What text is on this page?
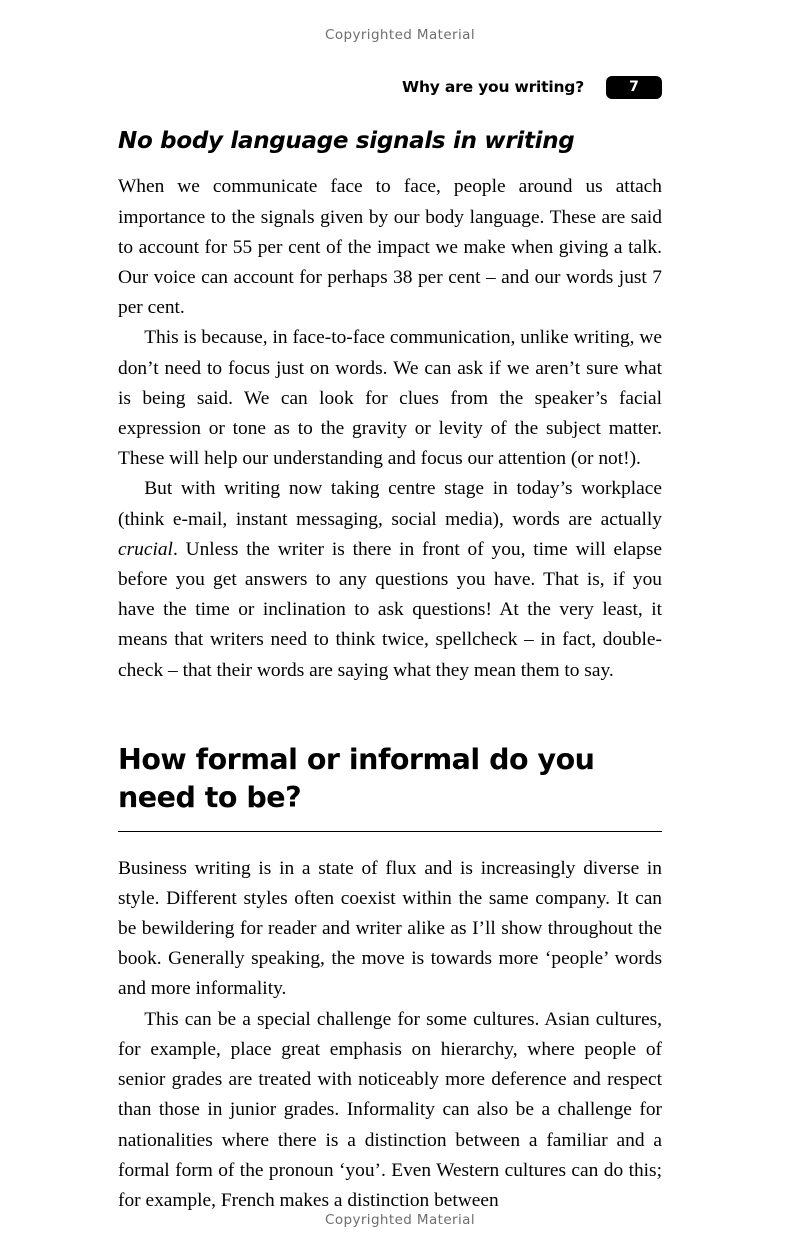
Copyrighted Material
Why are you writing?	7
No body language signals in writing

When we communicate face to face, people around us attach importance to the signals given by our body language. These are said to account for 55 per cent of the impact we make when giving a talk. Our voice can account for perhaps 38 per cent – and our words just 7 per cent.

This is because, in face-to-face communication, unlike writing, we don’t need to focus just on words. We can ask if we aren’t sure what is being said. We can look for clues from the speaker’s facial expression or tone as to the gravity or levity of the subject matter. These will help our understanding and focus our attention (or not!).

But with writing now taking centre stage in today’s workplace (think e-mail, instant messaging, social media), words are actually crucial. Unless the writer is there in front of you, time will elapse before you get answers to any questions you have. That is, if you have the time or inclination to ask questions! At the very least, it means that writers need to think twice, spellcheck – in fact, double-check – that their words are saying what they mean them to say.

How formal or informal do you need to be?

Business writing is in a state of flux and is increasingly diverse in style. Different styles often coexist within the same company. It can be bewildering for reader and writer alike as I’ll show throughout the book. Generally speaking, the move is towards more ‘people’ words and more informality.

This can be a special challenge for some cultures. Asian cultures, for example, place great emphasis on hierarchy, where people of senior grades are treated with noticeably more deference and respect than those in junior grades. Informality can also be a challenge for nationalities where there is a distinction between a familiar and a formal form of the pronoun ‘you’. Even Western cultures can do this; for example, French makes a distinction between

Copyrighted Material
